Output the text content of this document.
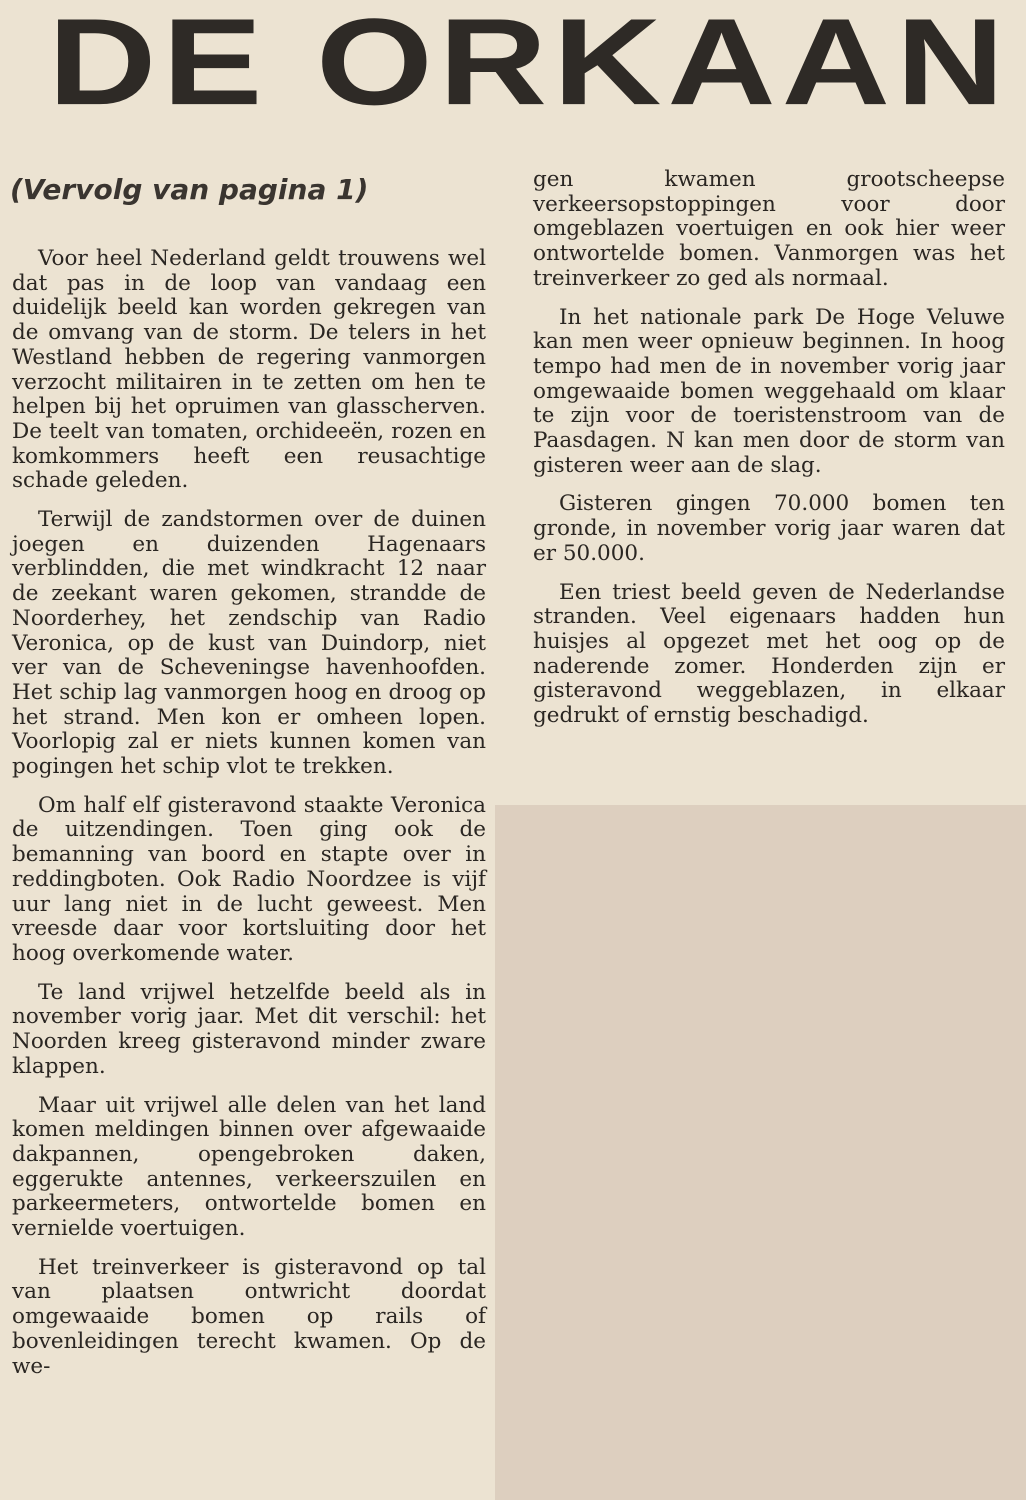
DE ORKAAN
(Vervolg van pagina 1)

Voor heel Nederland geldt trouwens wel dat pas in de loop van vandaag een duidelijk beeld kan worden gekregen van de omvang van de storm. De telers in het Westland hebben de regering vanmorgen verzocht militairen in te zetten om hen te helpen bij het opruimen van glasscherven. De teelt van tomaten, orchideeën, rozen en komkommers heeft een reusachtige schade geleden.

Terwijl de zandstormen over de duinen joegen en duizenden Hagenaars verblindden, die met windkracht 12 naar de zeekant waren gekomen, strandde de Noorderhey, het zendschip van Radio Veronica, op de kust van Duindorp, niet ver van de Scheveningse havenhoofden. Het schip lag vanmorgen hoog en droog op het strand. Men kon er omheen lopen. Voorlopig zal er niets kunnen komen van pogingen het schip vlot te trekken.

Om half elf gisteravond staakte Veronica de uitzendingen. Toen ging ook de bemanning van boord en stapte over in reddingboten. Ook Radio Noordzee is vijf uur lang niet in de lucht geweest. Men vreesde daar voor kortsluiting door het hoog overkomende water.

Te land vrijwel hetzelfde beeld als in november vorig jaar. Met dit verschil: het Noorden kreeg gisteravond minder zware klappen.

Maar uit vrijwel alle delen van het land komen meldingen binnen over afgewaaide dakpannen, opengebroken daken, eggerukte antennes, verkeerszuilen en parkeermeters, ontwortelde bomen en vernielde voertuigen.

Het treinverkeer is gisteravond op tal van plaatsen ontwricht doordat omgewaaide bomen op rails of bovenleidingen terecht kwamen. Op de we-

gen kwamen grootscheepse verkeersopstoppingen voor door omgeblazen voertuigen en ook hier weer ontwortelde bomen. Vanmorgen was het treinverkeer zo ged als normaal.

In het nationale park De Hoge Veluwe kan men weer opnieuw beginnen. In hoog tempo had men de in november vorig jaar omgewaaide bomen weggehaald om klaar te zijn voor de toeristenstroom van de Paasdagen. N kan men door de storm van gisteren weer aan de slag.

Gisteren gingen 70.000 bomen ten gronde, in november vorig jaar waren dat er 50.000.

Een triest beeld geven de Nederlandse stranden. Veel eigenaars hadden hun huisjes al opgezet met het oog op de naderende zomer. Honderden zijn er gisteravond weggeblazen, in elkaar gedrukt of ernstig beschadigd.
